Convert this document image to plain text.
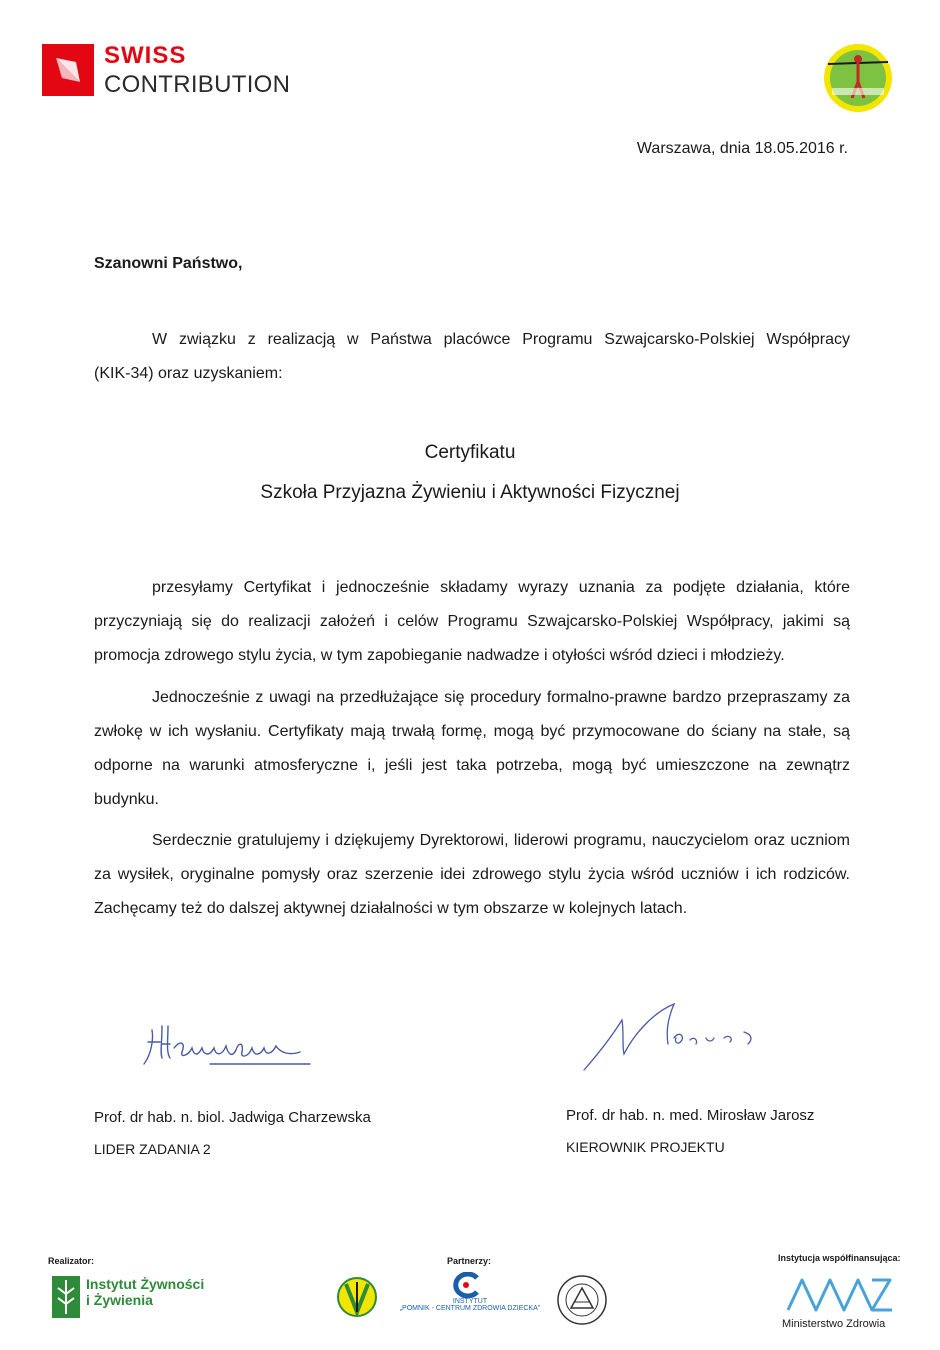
SWISS
CONTRIBUTION
Warszawa, dnia 18.05.2016 r.
Szanowni Państwo,
W związku z realizacją w Państwa placówce Programu Szwajcarsko-Polskiej Współpracy
(KIK-34) oraz uzyskaniem:
Certyfikatu
Szkoła Przyjazna Żywieniu i Aktywności Fizycznej
przesyłamy Certyfikat i jednocześnie składamy wyrazy uznania za podjęte działania, które przyczyniają się do realizacji założeń i celów Programu Szwajcarsko-Polskiej Współpracy, jakimi są promocja zdrowego stylu życia, w tym zapobieganie nadwadze i otyłości wśród dzieci i młodzieży.
Jednocześnie z uwagi na przedłużające się procedury formalno-prawne bardzo przepraszamy za zwłokę w ich wysłaniu. Certyfikaty mają trwałą formę, mogą być przymocowane do ściany na stałe, są odporne na warunki atmosferyczne i, jeśli jest taka potrzeba, mogą być umieszczone na zewnątrz budynku.
Serdecznie gratulujemy i dziękujemy Dyrektorowi, liderowi programu, nauczycielom oraz uczniom za wysiłek, oryginalne pomysły oraz szerzenie idei zdrowego stylu życia wśród uczniów i ich rodziców. Zachęcamy też do dalszej aktywnej działalności w tym obszarze w kolejnych latach.
Prof. dr hab. n. biol. Jadwiga Charzewska
LIDER ZADANIA 2
Prof. dr hab. n. med. Mirosław Jarosz
KIEROWNIK PROJEKTU
Realizator:	Partnerzy:	Instytucja współfinansująca:
Instytut Żywności
i Żywienia	INSTYTUT
„POMNIK - CENTRUM ZDROWIA DZIECKA"
Ministerstwo Zdrowia
